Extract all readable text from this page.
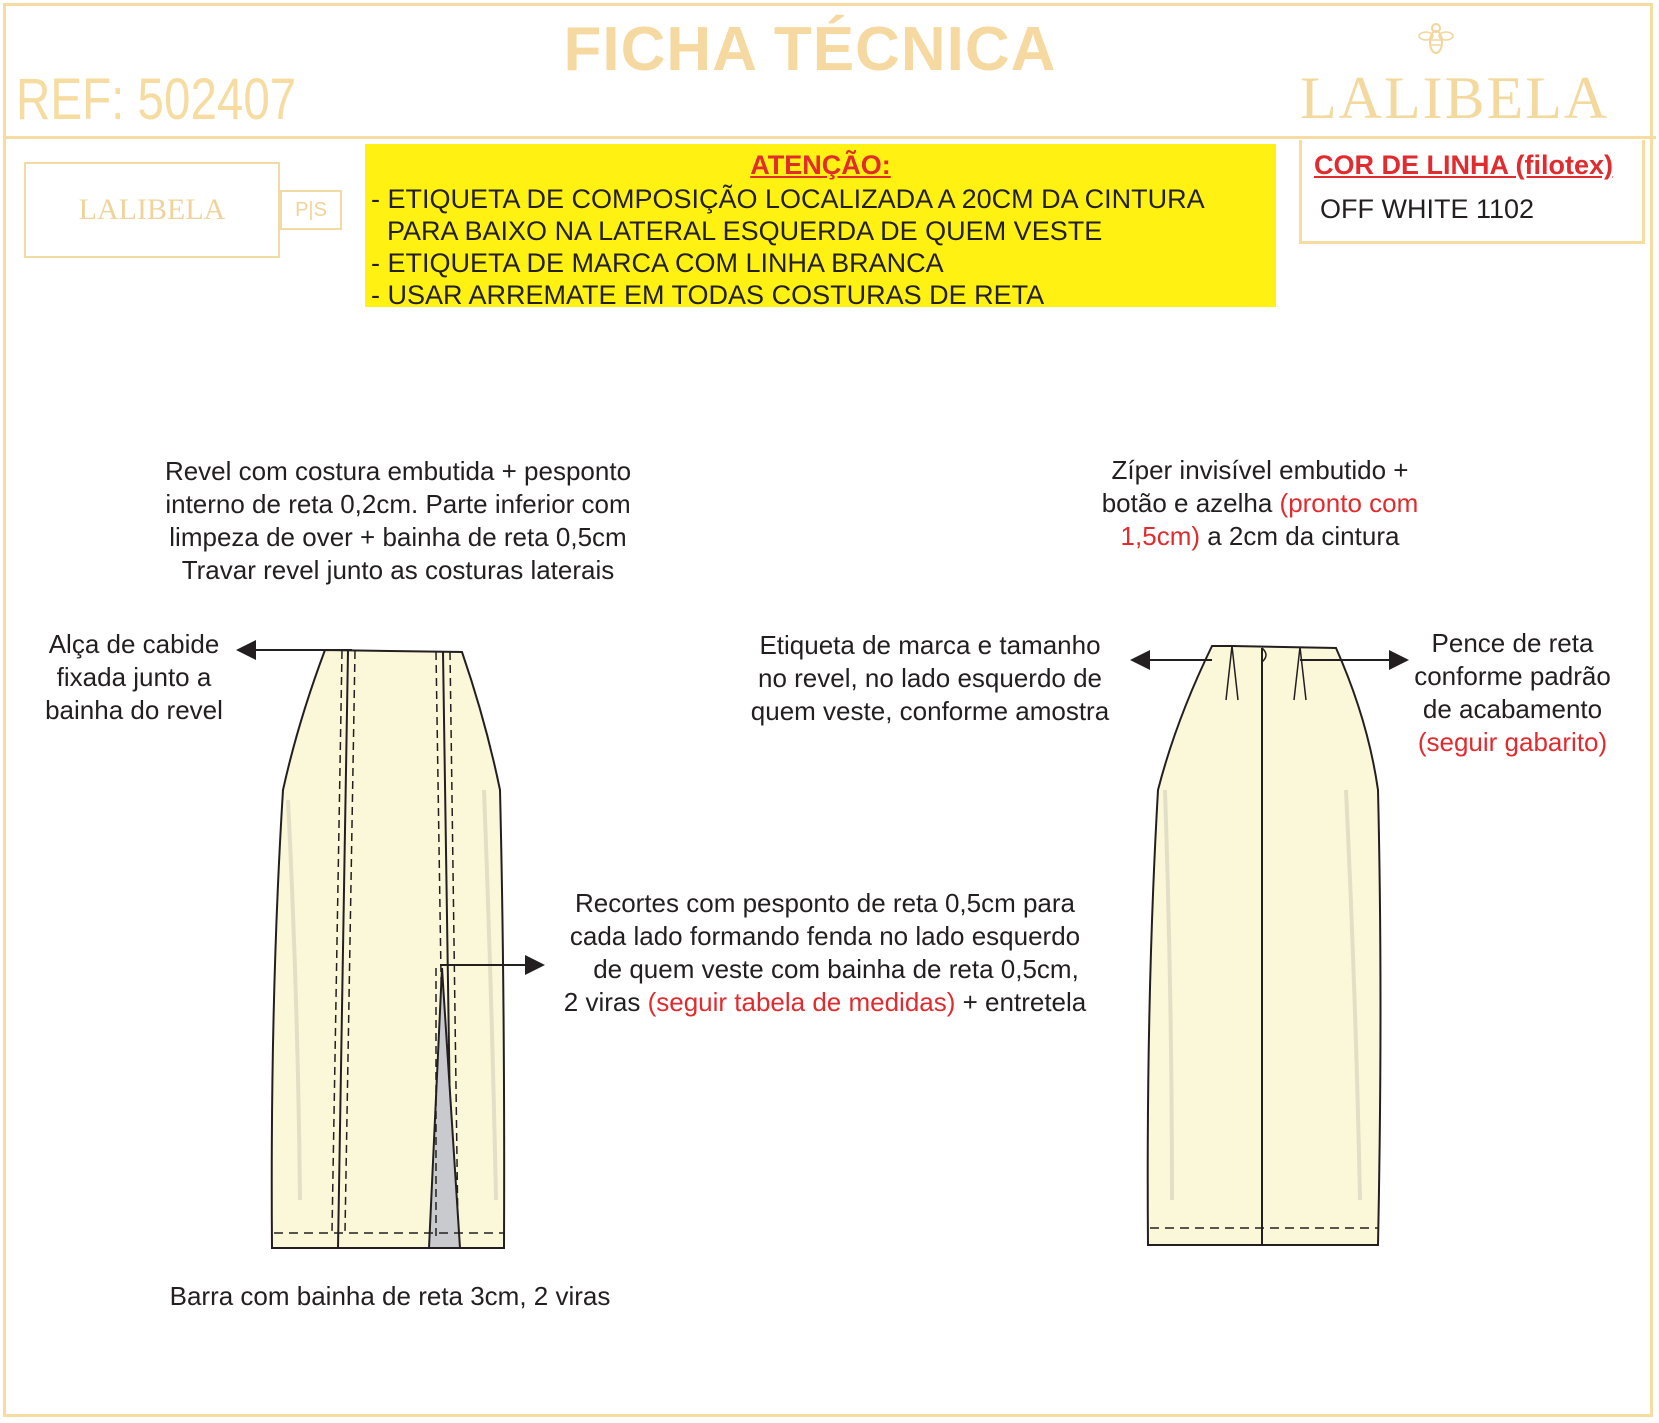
FICHA TÉCNICA
REF: 502407	LALIBELA
LALIBELA	P|S
ATENÇÃO:
- ETIQUETA DE COMPOSIÇÃO LOCALIZADA A 20CM DA CINTURA
PARA BAIXO NA LATERAL ESQUERDA DE QUEM VESTE
- ETIQUETA DE MARCA COM LINHA BRANCA
- USAR ARREMATE EM TODAS COSTURAS DE RETA
COR DE LINHA (filotex)
OFF WHITE 1102
Revel com costura embutida + pesponto
interno de reta 0,2cm. Parte inferior com
limpeza de over + bainha de reta 0,5cm
Travar revel junto as costuras laterais
Alça de cabide
fixada junto a
bainha do revel
Barra com bainha de reta 3cm, 2 viras
Recortes com pesponto de reta 0,5cm para
cada lado formando fenda no lado esquerdo
de quem veste com bainha de reta 0,5cm,
2 viras (seguir tabela de medidas) + entretela
Zíper invisível embutido +
botão e azelha (pronto com
1,5cm) a 2cm da cintura
Etiqueta de marca e tamanho
no revel, no lado esquerdo de
quem veste, conforme amostra
Pence de reta
conforme padrão
de acabamento
(seguir gabarito)
